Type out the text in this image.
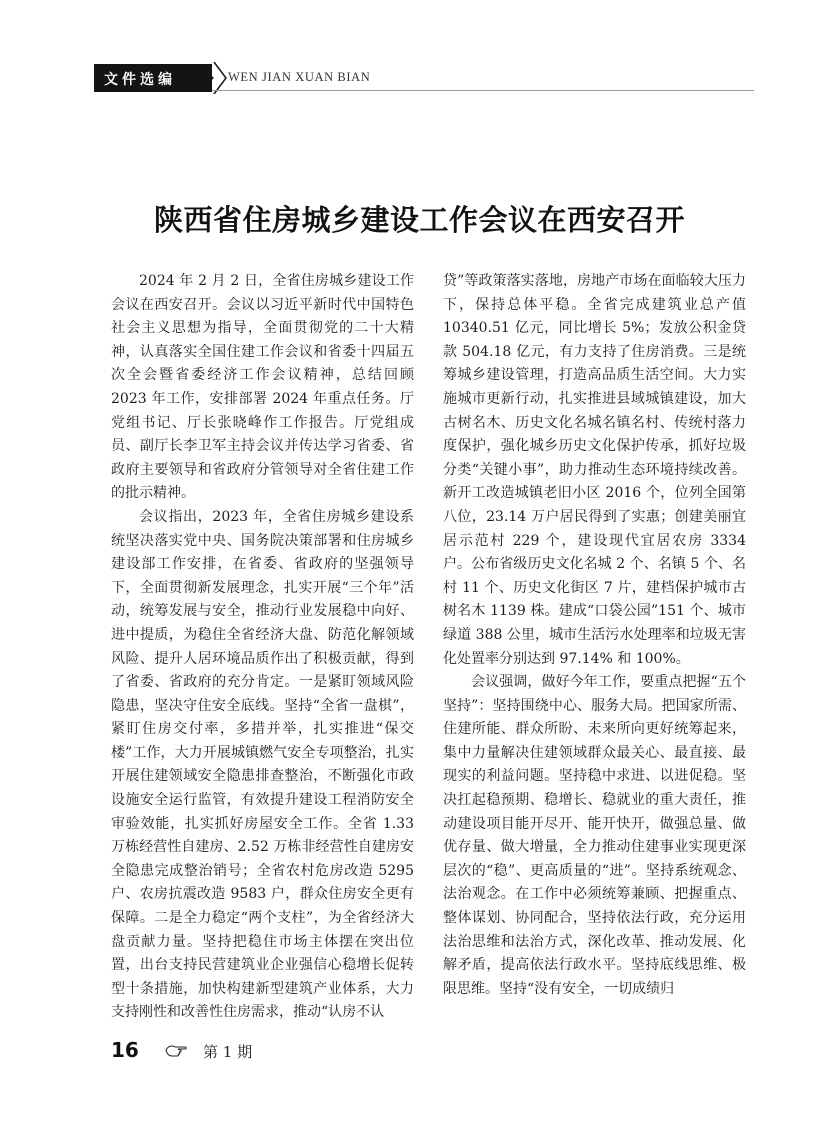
文件选编	WEN JIAN XUAN BIAN
陕西省住房城乡建设工作会议在西安召开

2024 年 2 月 2 日，全省住房城乡建设工作会议在西安召开。会议以习近平新时代中国特色社会主义思想为指导，全面贯彻党的二十大精神，认真落实全国住建工作会议和省委十四届五次全会暨省委经济工作会议精神，总结回顾 2023 年工作，安排部署 2024 年重点任务。厅党组书记、厅长张晓峰作工作报告。厅党组成员、副厅长李卫军主持会议并传达学习省委、省政府主要领导和省政府分管领导对全省住建工作的批示精神。

会议指出，2023 年，全省住房城乡建设系统坚决落实党中央、国务院决策部署和住房城乡建设部工作安排，在省委、省政府的坚强领导下，全面贯彻新发展理念，扎实开展“三个年”活动，统筹发展与安全，推动行业发展稳中向好、进中提质，为稳住全省经济大盘、防范化解领域风险、提升人居环境品质作出了积极贡献，得到了省委、省政府的充分肯定。一是紧盯领域风险隐患，坚决守住安全底线。坚持“全省一盘棋”，紧盯住房交付率，多措并举，扎实推进“保交楼”工作，大力开展城镇燃气安全专项整治，扎实开展住建领域安全隐患排查整治，不断强化市政设施安全运行监管，有效提升建设工程消防安全审验效能，扎实抓好房屋安全工作。全省 1.33 万栋经营性自建房、2.52 万栋非经营性自建房安全隐患完成整治销号；全省农村危房改造 5295 户、农房抗震改造 9583 户，群众住房安全更有保障。二是全力稳定“两个支柱”，为全省经济大盘贡献力量。坚持把稳住市场主体摆在突出位置，出台支持民营建筑业企业强信心稳增长促转型十条措施，加快构建新型建筑产业体系，大力支持刚性和改善性住房需求，推动“认房不认

贷”等政策落实落地，房地产市场在面临较大压力下，保持总体平稳。全省完成建筑业总产值 10340.51 亿元，同比增长 5%；发放公积金贷款 504.18 亿元，有力支持了住房消费。三是统筹城乡建设管理，打造高品质生活空间。大力实施城市更新行动，扎实推进县域城镇建设，加大古树名木、历史文化名城名镇名村、传统村落力度保护，强化城乡历史文化保护传承，抓好垃圾分类“关键小事”，助力推动生态环境持续改善。新开工改造城镇老旧小区 2016 个，位列全国第八位，23.14 万户居民得到了实惠；创建美丽宜居示范村 229 个，建设现代宜居农房 3334 户。公布省级历史文化名城 2 个、名镇 5 个、名村 11 个、历史文化街区 7 片，建档保护城市古树名木 1139 株。建成“口袋公园”151 个、城市绿道 388 公里，城市生活污水处理率和垃圾无害化处置率分别达到 97.14% 和 100%。

会议强调，做好今年工作，要重点把握“五个坚持”：坚持围绕中心、服务大局。把国家所需、住建所能、群众所盼、未来所向更好统筹起来，集中力量解决住建领域群众最关心、最直接、最现实的利益问题。坚持稳中求进、以进促稳。坚决扛起稳预期、稳增长、稳就业的重大责任，推动建设项目能开尽开、能开快开，做强总量、做优存量、做大增量，全力推动住建事业实现更深层次的“稳”、更高质量的“进”。坚持系统观念、法治观念。在工作中必须统筹兼顾、把握重点、整体谋划、协同配合，坚持依法行政，充分运用法治思维和法治方式，深化改革、推动发展、化解矛盾，提高依法行政水平。坚持底线思维、极限思维。坚持“没有安全，一切成绩归

16	第 1 期
